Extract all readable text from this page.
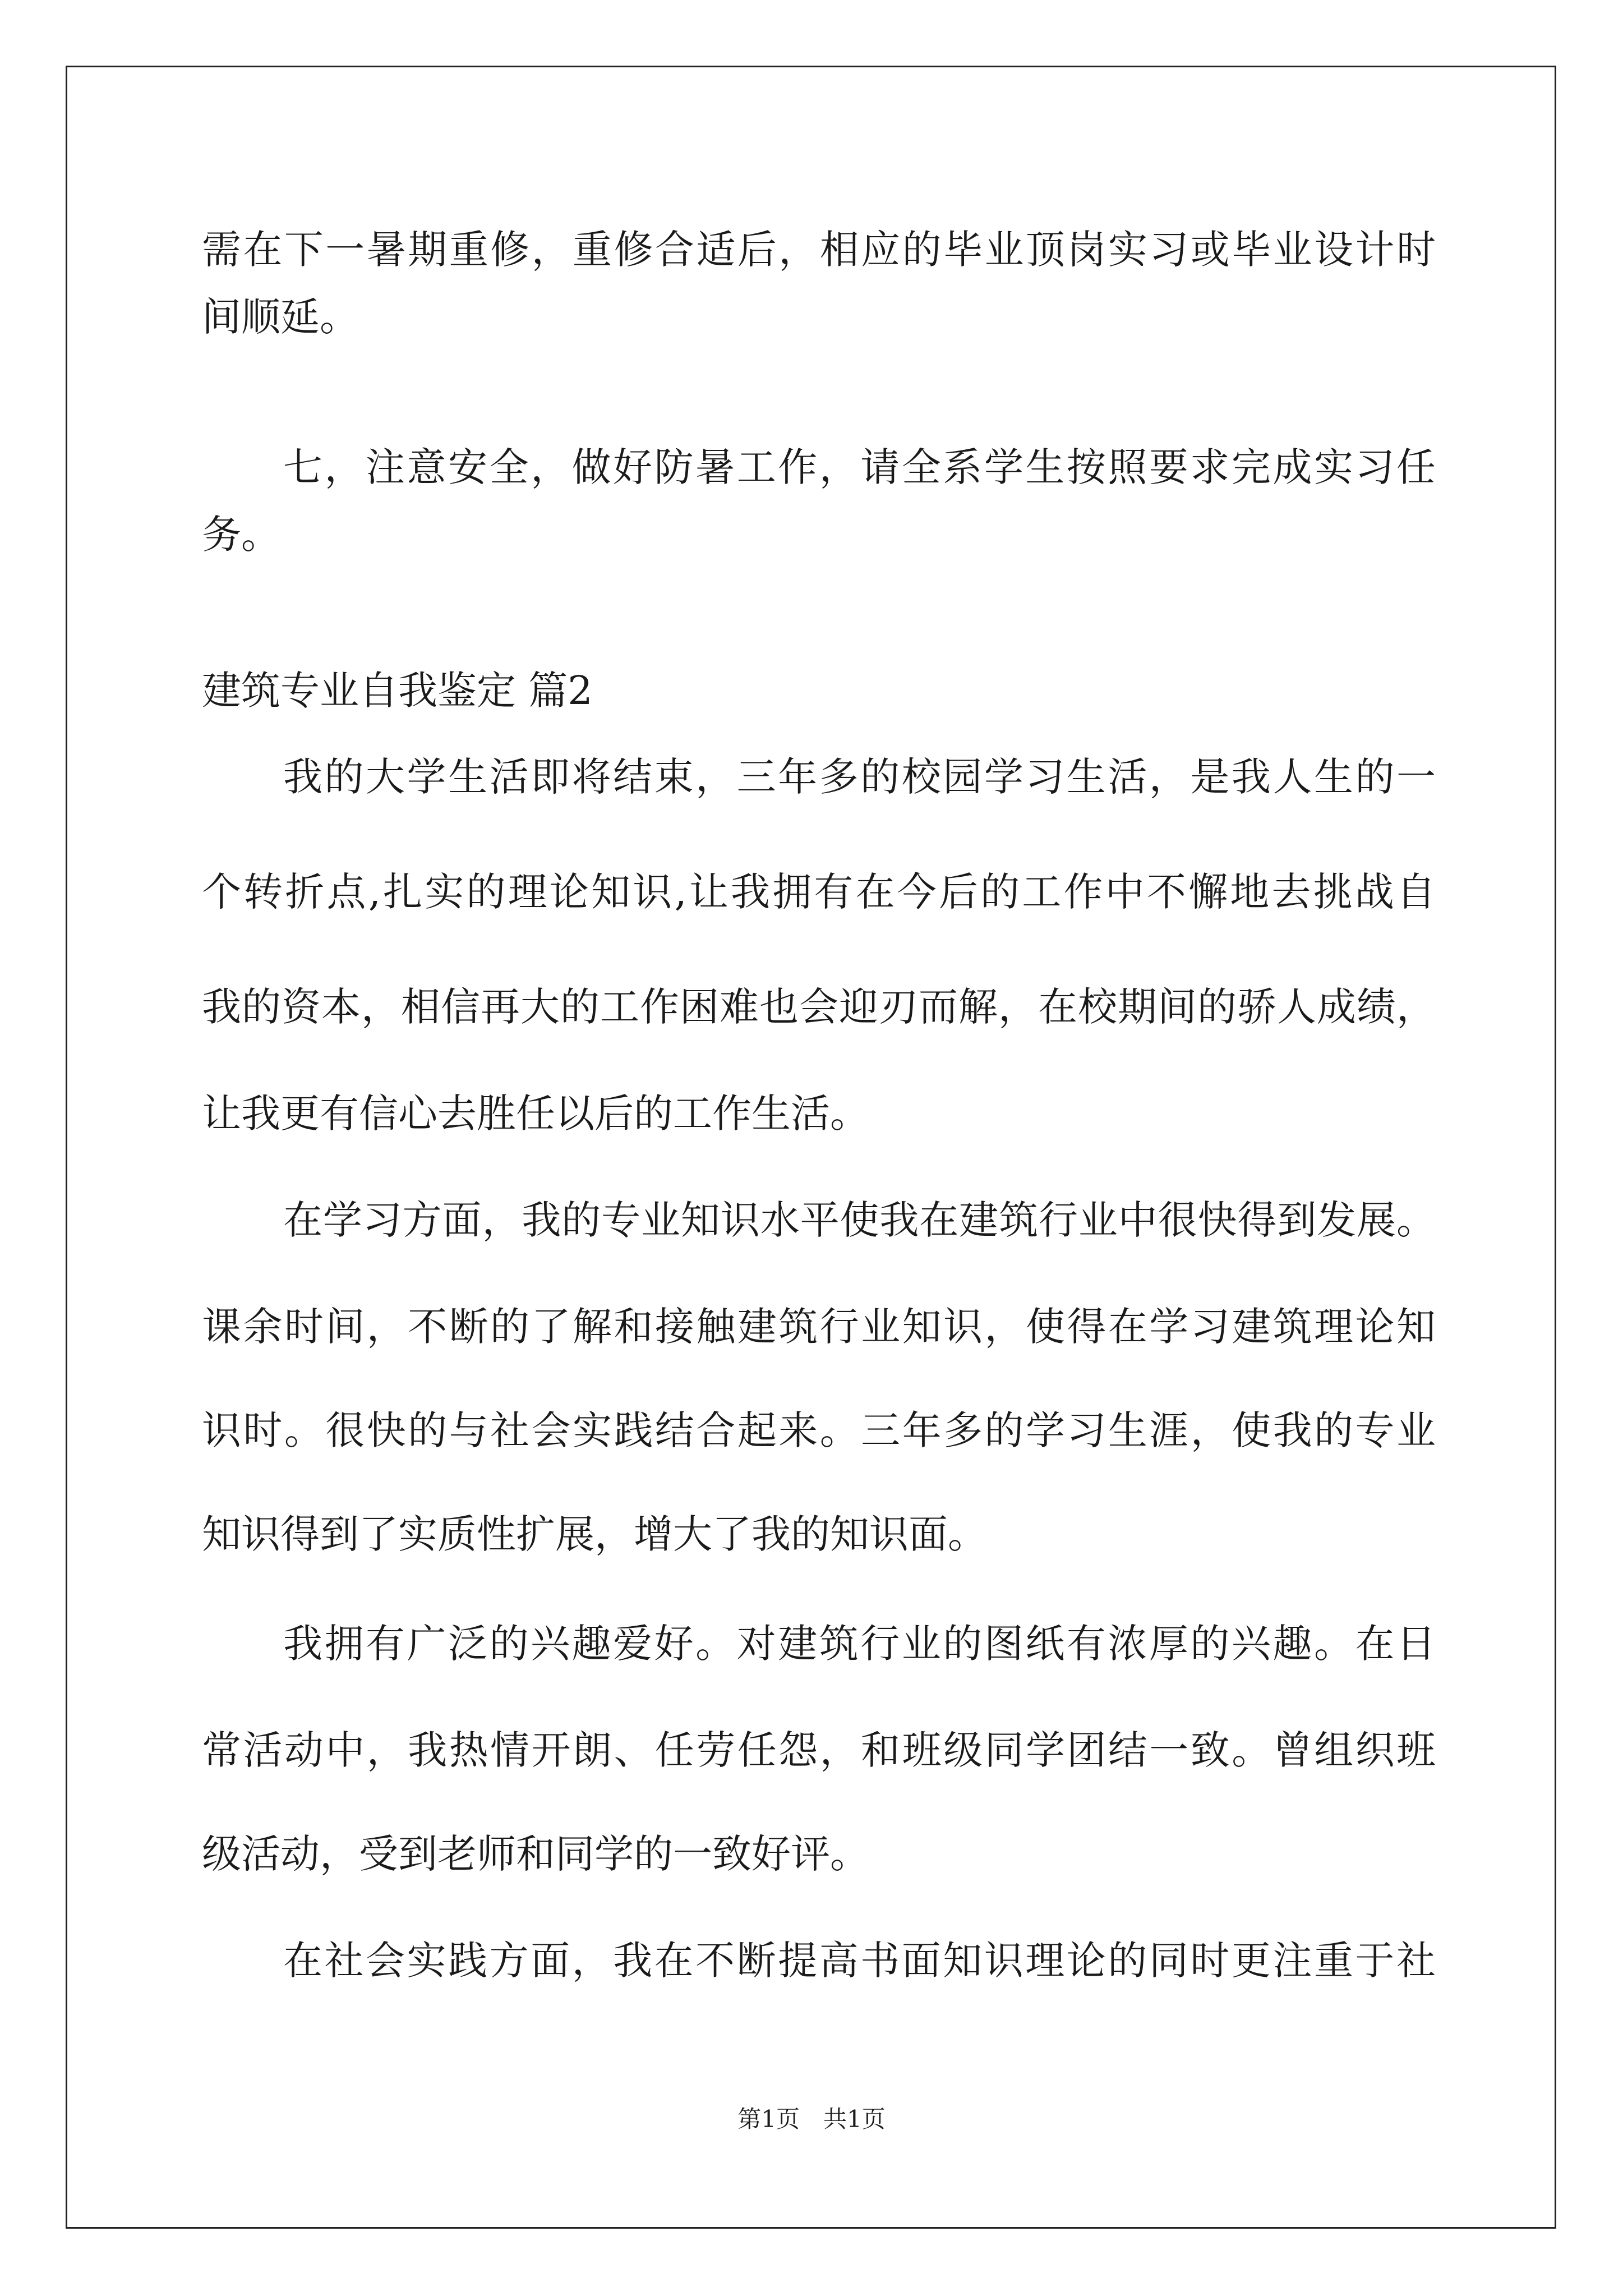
需在下一暑期重修，重修合适后，相应的毕业顶岗实习或毕业设计时
间顺延。
七，注意安全，做好防暑工作，请全系学生按照要求完成实习任
务。
建筑专业自我鉴定 篇2
我的大学生活即将结束，三年多的校园学习生活，是我人生的一
个转折点,扎实的理论知识,让我拥有在今后的工作中不懈地去挑战自
我的资本，相信再大的工作困难也会迎刃而解，在校期间的骄人成绩，
让我更有信心去胜任以后的工作生活。
在学习方面，我的专业知识水平使我在建筑行业中很快得到发展。
课余时间，不断的了解和接触建筑行业知识，使得在学习建筑理论知
识时。很快的与社会实践结合起来。三年多的学习生涯，使我的专业
知识得到了实质性扩展，增大了我的知识面。
我拥有广泛的兴趣爱好。对建筑行业的图纸有浓厚的兴趣。在日
常活动中，我热情开朗、任劳任怨，和班级同学团结一致。曾组织班
级活动，受到老师和同学的一致好评。
在社会实践方面，我在不断提高书面知识理论的同时更注重于社
第1页　共1页
